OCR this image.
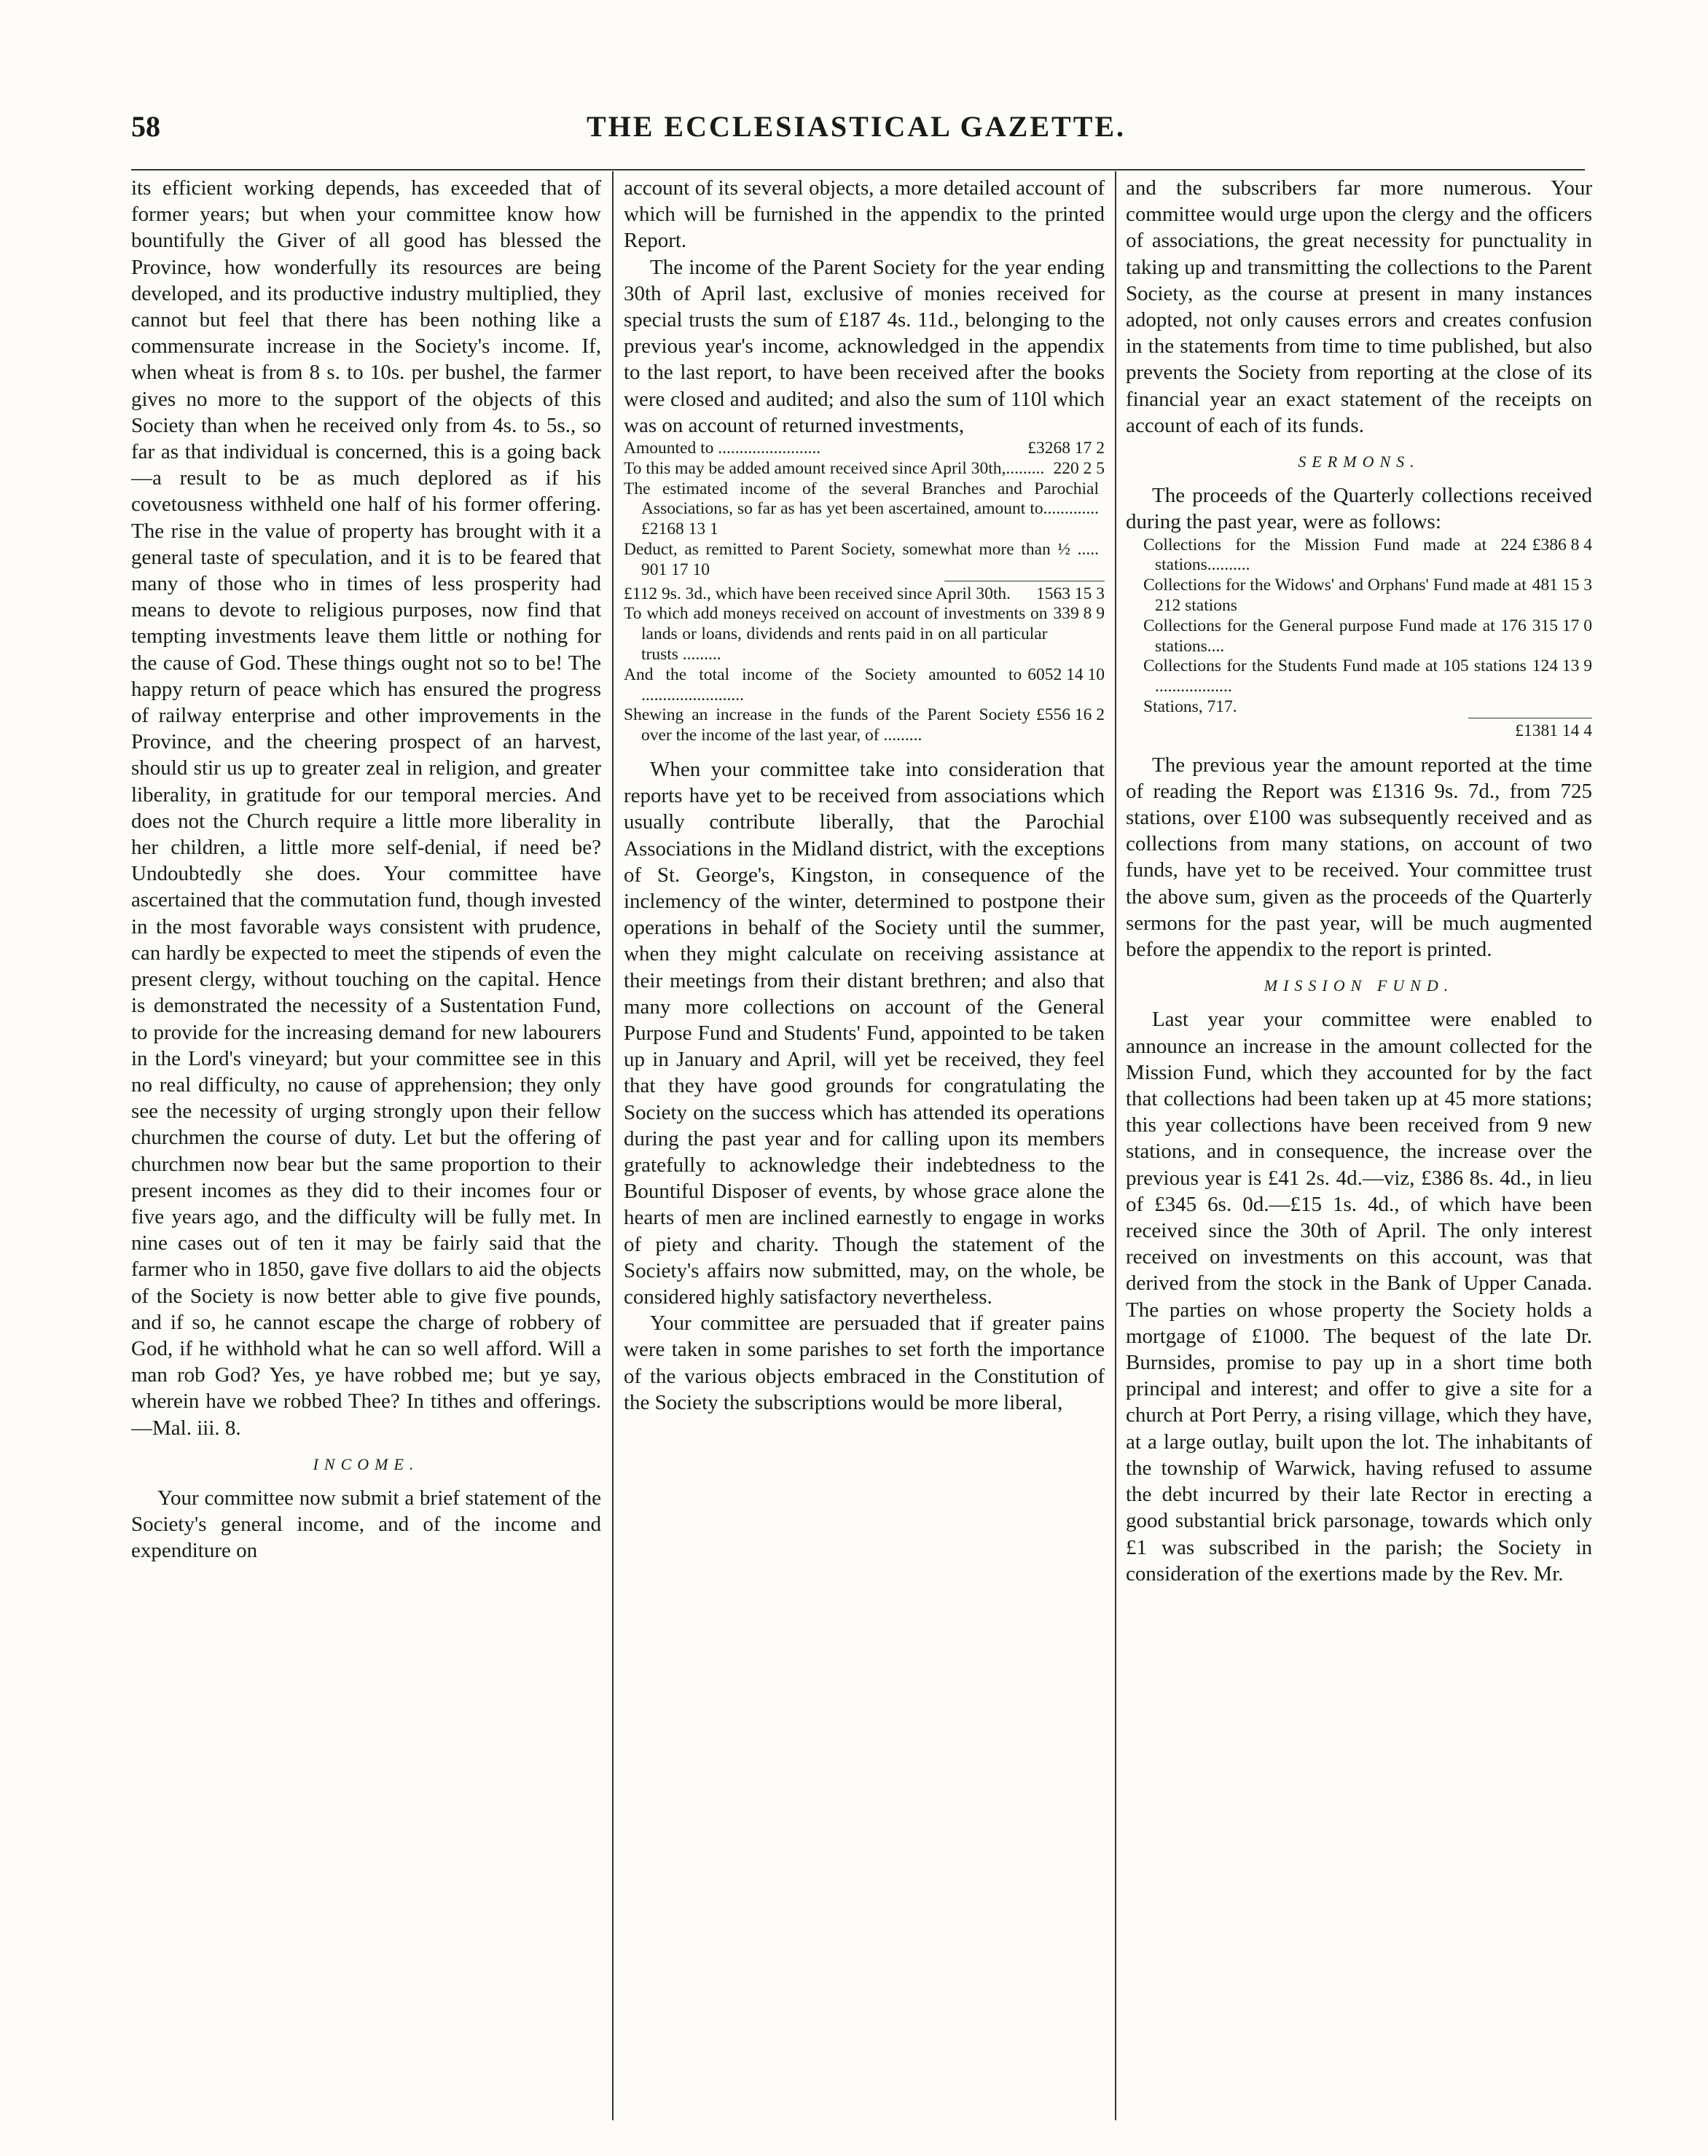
58	THE ECCLESIASTICAL GAZETTE.

its efficient working depends, has exceeded that of former years; but when your committee know how bountifully the Giver of all good has blessed the Province, how wonderfully its resources are being developed, and its productive industry multiplied, they cannot but feel that there has been nothing like a commensurate increase in the Society's income. If, when wheat is from 8 s. to 10s. per bushel, the farmer gives no more to the support of the objects of this Society than when he received only from 4s. to 5s., so far as that individual is concerned, this is a going back—a result to be as much deplored as if his covetousness withheld one half of his former offering. The rise in the value of property has brought with it a general taste of speculation, and it is to be feared that many of those who in times of less prosperity had means to devote to religious purposes, now find that tempting investments leave them little or nothing for the cause of God. These things ought not so to be! The happy return of peace which has ensured the progress of railway enterprise and other improvements in the Province, and the cheering prospect of an harvest, should stir us up to greater zeal in religion, and greater liberality, in gratitude for our temporal mercies. And does not the Church require a little more liberality in her children, a little more self-denial, if need be? Undoubtedly she does. Your committee have ascertained that the commutation fund, though invested in the most favorable ways consistent with prudence, can hardly be expected to meet the stipends of even the present clergy, without touching on the capital. Hence is demonstrated the necessity of a Sustentation Fund, to provide for the increasing demand for new labourers in the Lord's vineyard; but your committee see in this no real difficulty, no cause of apprehension; they only see the necessity of urging strongly upon their fellow churchmen the course of duty. Let but the offering of churchmen now bear but the same proportion to their present incomes as they did to their incomes four or five years ago, and the difficulty will be fully met. In nine cases out of ten it may be fairly said that the farmer who in 1850, gave five dollars to aid the objects of the Society is now better able to give five pounds, and if so, he cannot escape the charge of robbery of God, if he withhold what he can so well afford. Will a man rob God? Yes, ye have robbed me; but ye say, wherein have we robbed Thee? In tithes and offerings.—Mal. iii. 8.

INCOME.

Your committee now submit a brief statement of the Society's general income, and of the income and expenditure on

account of its several objects, a more detailed account of which will be furnished in the appendix to the printed Report.

The income of the Parent Society for the year ending 30th of April last, exclusive of monies received for special trusts the sum of £187 4s. 11d., belonging to the previous year's income, acknowledged in the appendix to the last report, to have been received after the books were closed and audited; and also the sum of 110l which was on account of returned investments,

Amounted to ........................	£3268 17 2
To this may be added amount received since April 30th,......... 220 2 5
The estimated income of the several Branches and Parochial Associations, so far as has yet been ascertained, amount to.............£2168 13 1
Deduct, as remitted to Parent Society, somewhat more than ½ ..... 901 17 10
£112 9s. 3d., which have been received since April 30th.	1563 15 3
To which add moneys received on account of investments on lands or loans, dividends and rents paid in on all particular trusts .........
339 8 9
And the total income of the Society amounted to ........................
6052 14 10
Shewing an increase in the funds of the Parent Society over the income of the last year, of .........
£556 16 2

When your committee take into consideration that reports have yet to be received from associations which usually contribute liberally, that the Parochial Associations in the Midland district, with the exceptions of St. George's, Kingston, in consequence of the inclemency of the winter, determined to postpone their operations in behalf of the Society until the summer, when they might calculate on receiving assistance at their meetings from their distant brethren; and also that many more collections on account of the General Purpose Fund and Students' Fund, appointed to be taken up in January and April, will yet be received, they feel that they have good grounds for congratulating the Society on the success which has attended its operations during the past year and for calling upon its members gratefully to acknowledge their indebtedness to the Bountiful Disposer of events, by whose grace alone the hearts of men are inclined earnestly to engage in works of piety and charity. Though the statement of the Society's affairs now submitted, may, on the whole, be considered highly satisfactory nevertheless.

Your committee are persuaded that if greater pains were taken in some parishes to set forth the importance of the various objects embraced in the Constitution of the Society the subscriptions would be more liberal,

and the subscribers far more numerous. Your committee would urge upon the clergy and the officers of associations, the great necessity for punctuality in taking up and transmitting the collections to the Parent Society, as the course at present in many instances adopted, not only causes errors and creates confusion in the statements from time to time published, but also prevents the Society from reporting at the close of its financial year an exact statement of the receipts on account of each of its funds.

SERMONS.

The proceeds of the Quarterly collections received during the past year, were as follows:

Collections for the Mission Fund made at 224 stations..........
£386 8 4
Collections for the Widows' and Orphans' Fund made at 212 stations
481 15 3
Collections for the General purpose Fund made at 176 stations....
315 17 0
Collections for the Students Fund made at 105 stations ..................
124 13 9
Stations, 717.
£1381 14 4

The previous year the amount reported at the time of reading the Report was £1316 9s. 7d., from 725 stations, over £100 was subsequently received and as collections from many stations, on account of two funds, have yet to be received. Your committee trust the above sum, given as the proceeds of the Quarterly sermons for the past year, will be much augmented before the appendix to the report is printed.

MISSION FUND.

Last year your committee were enabled to announce an increase in the amount collected for the Mission Fund, which they accounted for by the fact that collections had been taken up at 45 more stations; this year collections have been received from 9 new stations, and in consequence, the increase over the previous year is £41 2s. 4d.—viz, £386 8s. 4d., in lieu of £345 6s. 0d.—£15 1s. 4d., of which have been received since the 30th of April. The only interest received on investments on this account, was that derived from the stock in the Bank of Upper Canada. The parties on whose property the Society holds a mortgage of £1000. The bequest of the late Dr. Burnsides, promise to pay up in a short time both principal and interest; and offer to give a site for a church at Port Perry, a rising village, which they have, at a large outlay, built upon the lot. The inhabitants of the township of Warwick, having refused to assume the debt incurred by their late Rector in erecting a good substantial brick parsonage, towards which only £1 was subscribed in the parish; the Society in consideration of the exertions made by the Rev. Mr.
